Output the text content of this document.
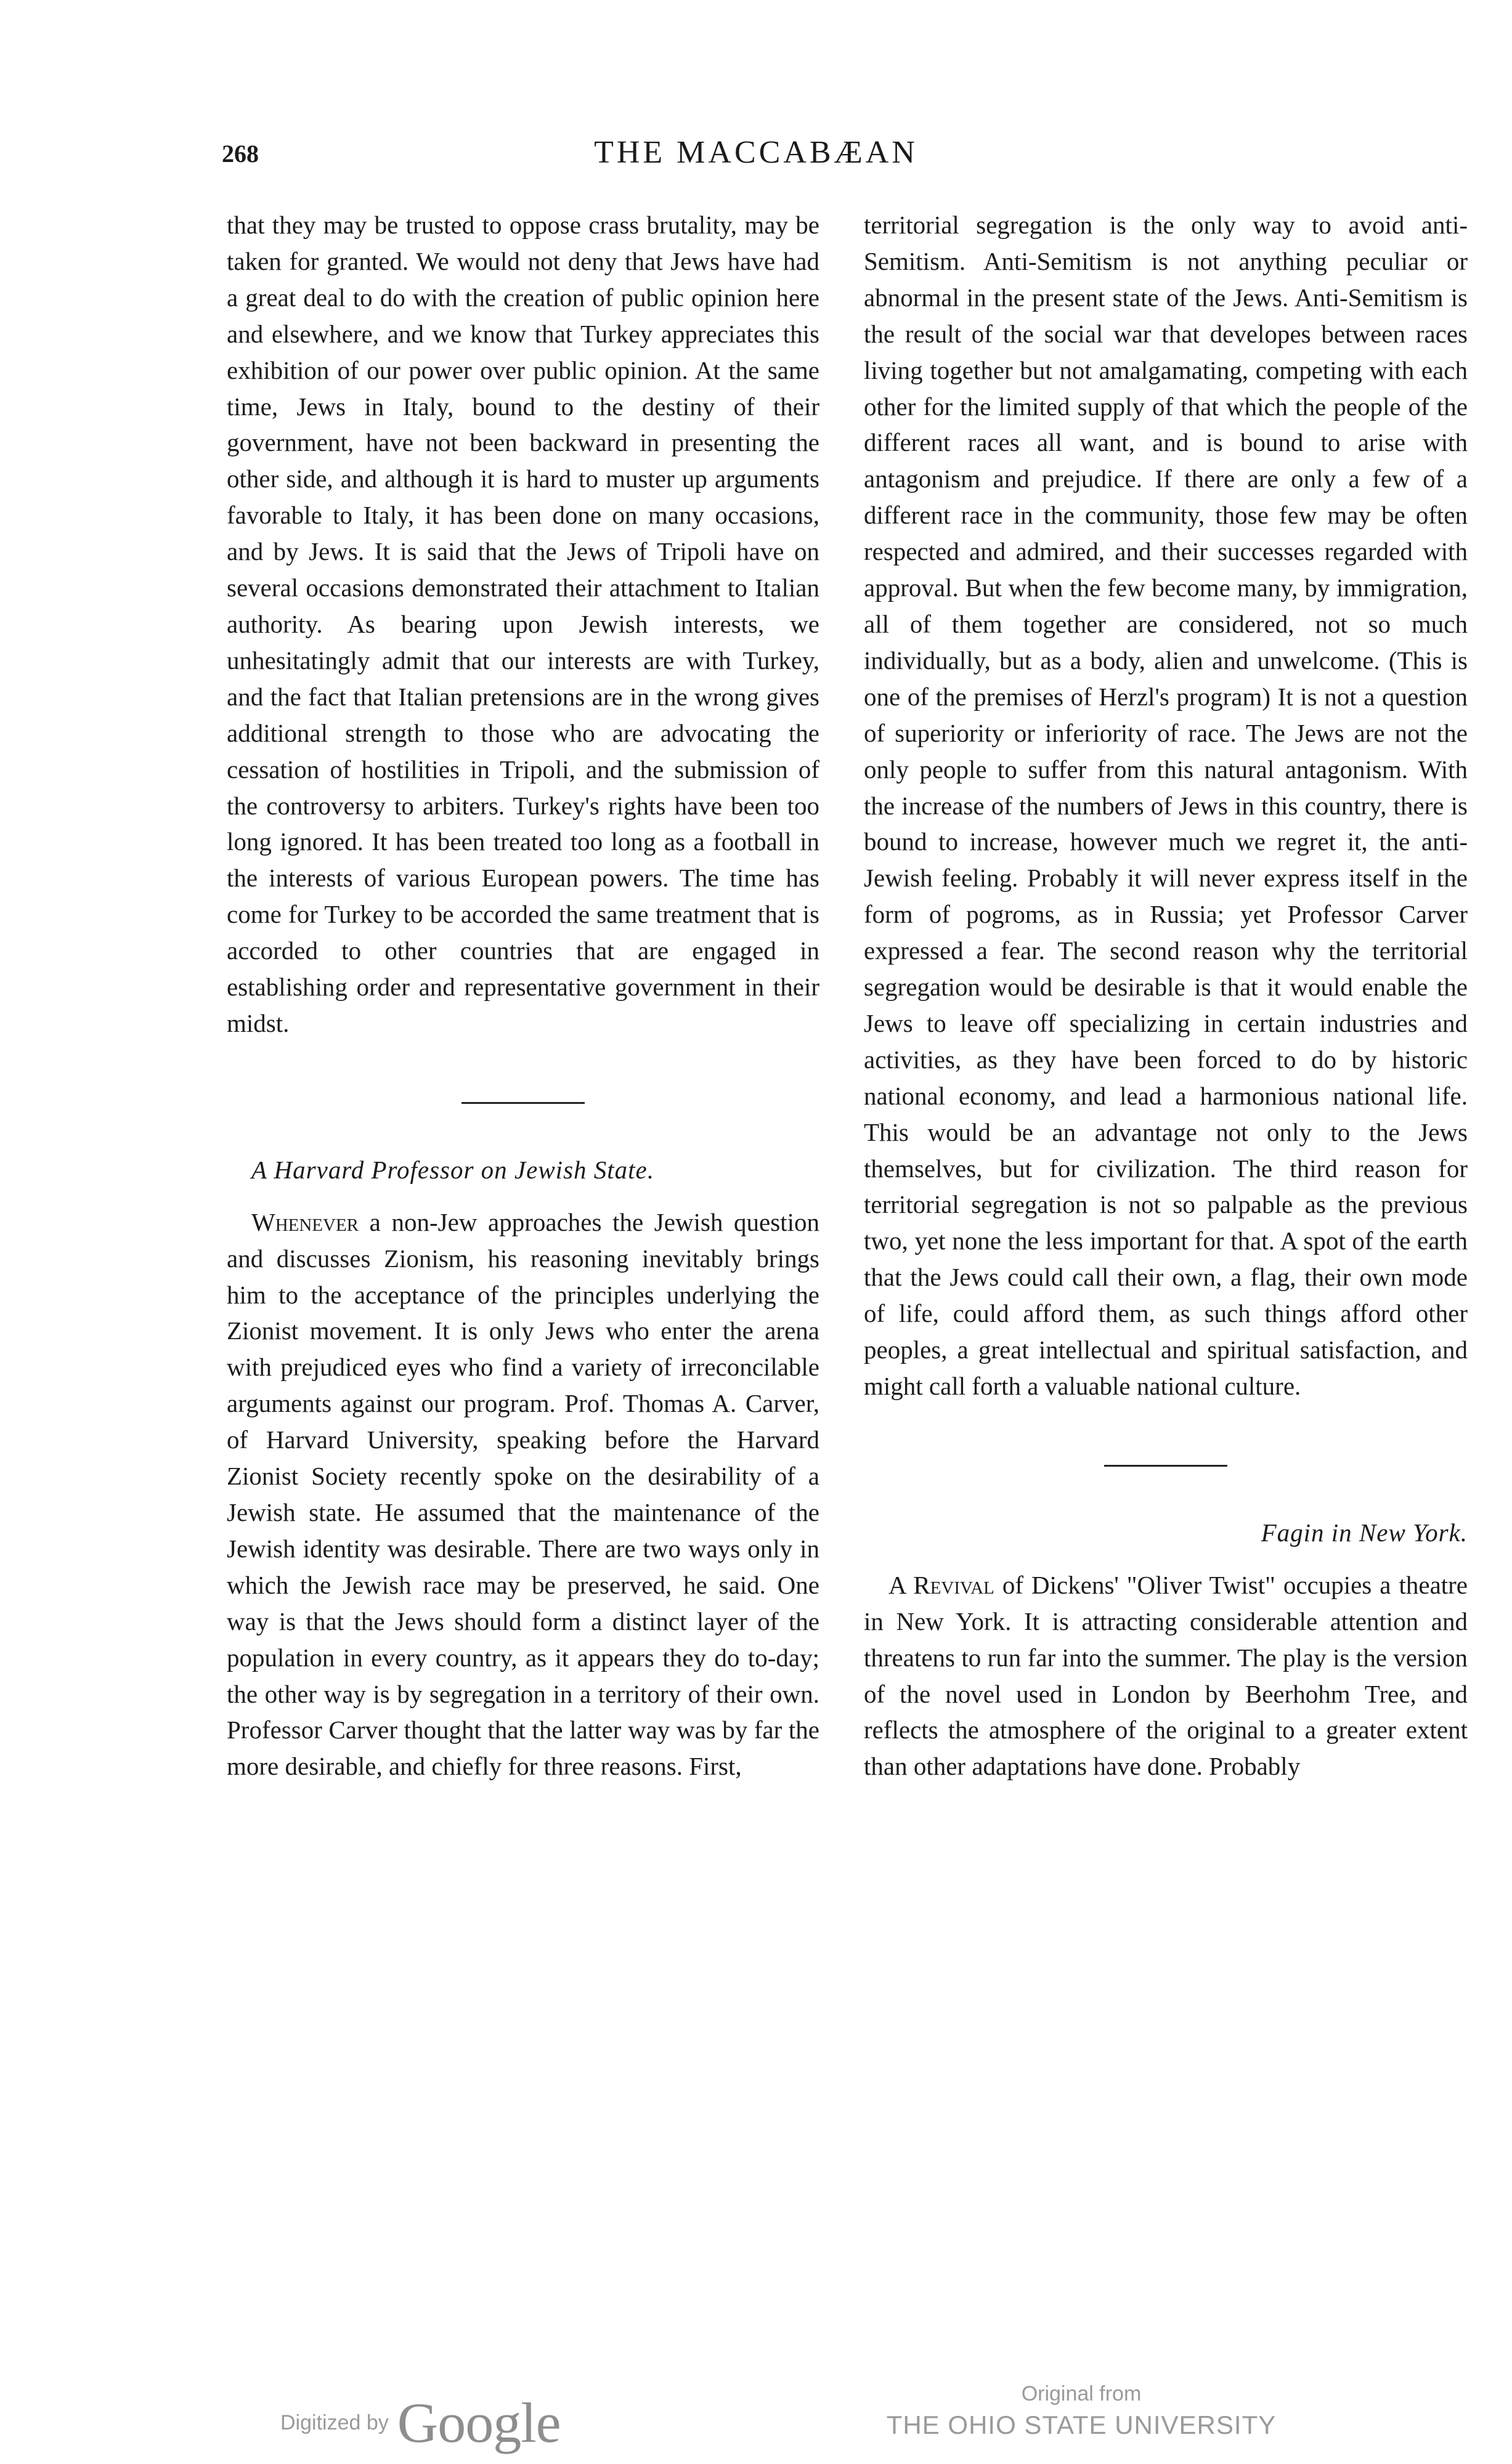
268	THE MACCABÆAN

that they may be trusted to oppose crass brutality, may be taken for granted. We would not deny that Jews have had a great deal to do with the creation of public opinion here and elsewhere, and we know that Turkey appreciates this exhibition of our power over public opinion. At the same time, Jews in Italy, bound to the destiny of their government, have not been backward in presenting the other side, and although it is hard to muster up arguments favorable to Italy, it has been done on many occasions, and by Jews. It is said that the Jews of Tripoli have on several occasions demonstrated their attachment to Italian authority. As bearing upon Jewish interests, we unhesitatingly admit that our interests are with Turkey, and the fact that Italian pretensions are in the wrong gives additional strength to those who are advocating the cessation of hostilities in Tripoli, and the submission of the controversy to arbiters. Turkey's rights have been too long ignored. It has been treated too long as a football in the interests of various European powers. The time has come for Turkey to be accorded the same treatment that is accorded to other countries that are engaged in establishing order and representative government in their midst.

A Harvard Professor on Jewish State.

Whenever a non-Jew approaches the Jewish question and discusses Zionism, his reasoning inevitably brings him to the acceptance of the principles underlying the Zionist movement. It is only Jews who enter the arena with prejudiced eyes who find a variety of irreconcilable arguments against our program. Prof. Thomas A. Carver, of Harvard University, speaking before the Harvard Zionist Society recently spoke on the desirability of a Jewish state. He assumed that the maintenance of the Jewish identity was desirable. There are two ways only in which the Jewish race may be preserved, he said. One way is that the Jews should form a distinct layer of the population in every country, as it appears they do to-day; the other way is by segregation in a territory of their own. Professor Carver thought that the latter way was by far the more desirable, and chiefly for three reasons. First,

territorial segregation is the only way to avoid anti-Semitism. Anti-Semitism is not anything peculiar or abnormal in the present state of the Jews. Anti-Semitism is the result of the social war that developes between races living together but not amalgamating, competing with each other for the limited supply of that which the people of the different races all want, and is bound to arise with antagonism and prejudice. If there are only a few of a different race in the community, those few may be often respected and admired, and their successes regarded with approval. But when the few become many, by immigration, all of them together are considered, not so much individually, but as a body, alien and unwelcome. (This is one of the premises of Herzl's program) It is not a question of superiority or inferiority of race. The Jews are not the only people to suffer from this natural antagonism. With the increase of the numbers of Jews in this country, there is bound to increase, however much we regret it, the anti-Jewish feeling. Probably it will never express itself in the form of pogroms, as in Russia; yet Professor Carver expressed a fear. The second reason why the territorial segregation would be desirable is that it would enable the Jews to leave off specializing in certain industries and activities, as they have been forced to do by historic national economy, and lead a harmonious national life. This would be an advantage not only to the Jews themselves, but for civilization. The third reason for territorial segregation is not so palpable as the previous two, yet none the less important for that. A spot of the earth that the Jews could call their own, a flag, their own mode of life, could afford them, as such things afford other peoples, a great intellectual and spiritual satisfaction, and might call forth a valuable national culture.

Fagin in New York.

A Revival of Dickens' "Oliver Twist" occupies a theatre in New York. It is attracting considerable attention and threatens to run far into the summer. The play is the version of the novel used in London by Beerhohm Tree, and reflects the atmosphere of the original to a greater extent than other adaptations have done. Probably

Digitized by Google	Original from
THE OHIO STATE UNIVERSITY
